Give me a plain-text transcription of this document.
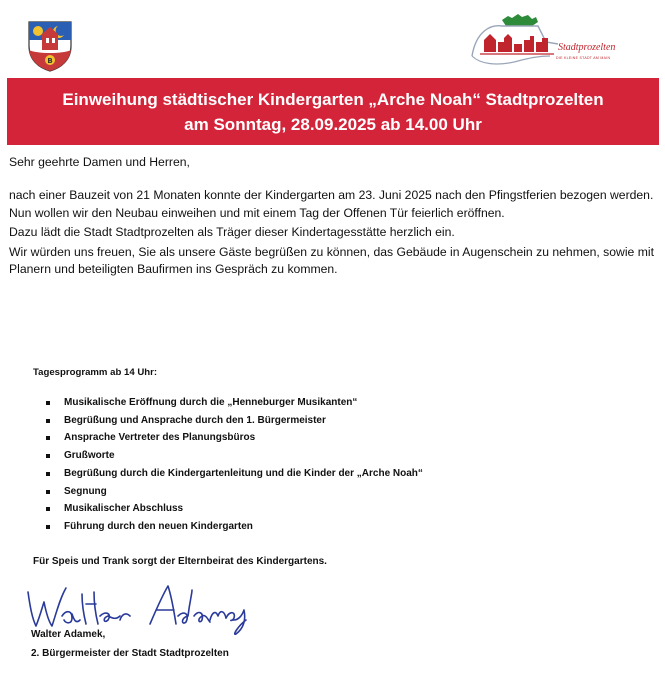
B
Stadtprozelten
DIE KLEINE STADT AM MAIN
Einweihung städtischer Kindergarten „Arche Noah“ Stadtprozelten
am Sonntag, 28.09.2025 ab 14.00 Uhr
Sehr geehrte Damen und Herren,

nach einer Bauzeit von 21 Monaten konnte der Kindergarten am 23. Juni 2025 nach den Pfingstferien bezogen werden. Nun wollen wir den Neubau einweihen und mit einem Tag der Offenen Tür feierlich eröffnen.

Dazu lädt die Stadt Stadtprozelten als Träger dieser Kindertagesstätte herzlich ein.

Wir würden uns freuen, Sie als unsere Gäste begrüßen zu können, das Gebäude in Augenschein zu nehmen, sowie mit Planern und beteiligten Baufirmen ins Gespräch zu kommen.

Tagesprogramm ab 14 Uhr:
Musikalische Eröffnung durch die „Henneburger Musikanten“
Begrüßung und Ansprache durch den 1. Bürgermeister
Ansprache Vertreter des Planungsbüros
Grußworte
Begrüßung durch die Kindergartenleitung und die Kinder der „Arche Noah“
Segnung
Musikalischer Abschluss
Führung durch den neuen Kindergarten
Für Speis und Trank sorgt der Elternbeirat des Kindergartens.
Walter Adamek,
2. Bürgermeister der Stadt Stadtprozelten
